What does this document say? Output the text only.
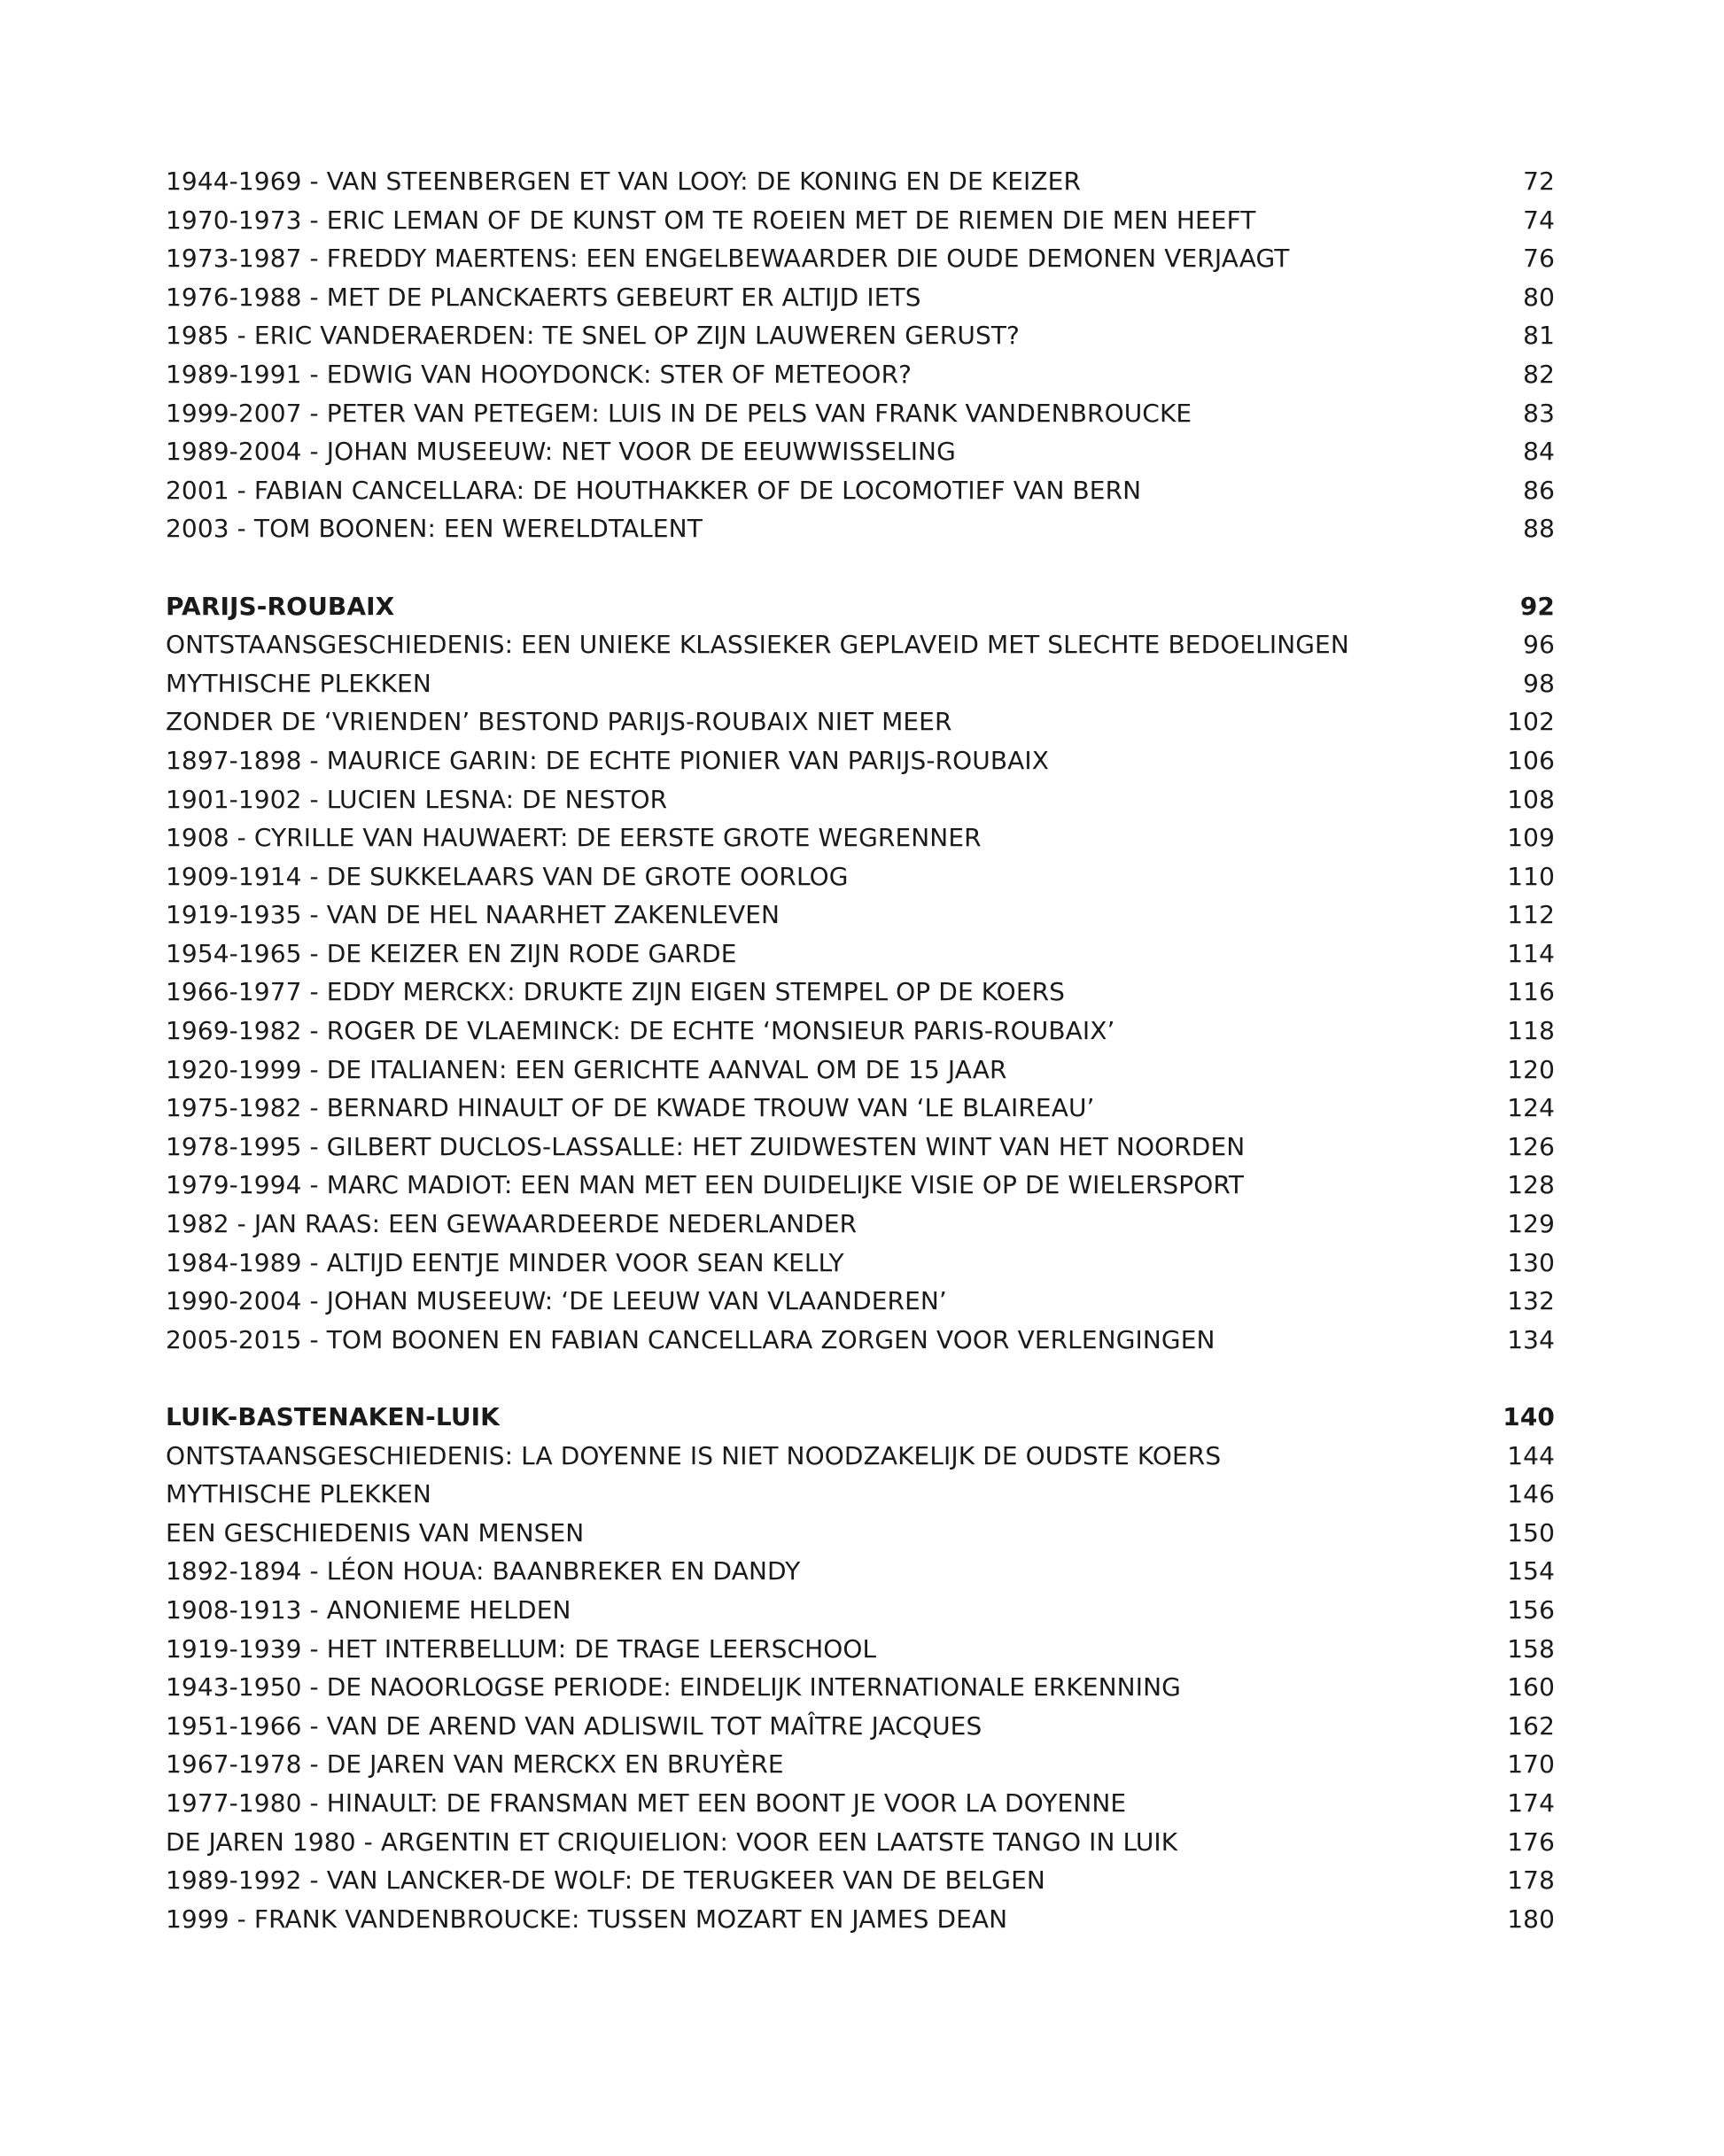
1944-1969 - VAN STEENBERGEN ET VAN LOOY: DE KONING EN DE KEIZER	72
1970-1973 - ERIC LEMAN OF DE KUNST OM TE ROEIEN MET DE RIEMEN DIE MEN HEEFT	74
1973-1987 - FREDDY MAERTENS: EEN ENGELBEWAARDER DIE OUDE DEMONEN VERJAAGT	76
1976-1988 - MET DE PLANCKAERTS GEBEURT ER ALTIJD IETS	80
1985 - ERIC VANDERAERDEN: TE SNEL OP ZIJN LAUWEREN GERUST?	81
1989-1991 - EDWIG VAN HOOYDONCK: STER OF METEOOR?	82
1999-2007 - PETER VAN PETEGEM: LUIS IN DE PELS VAN FRANK VANDENBROUCKE	83
1989-2004 - JOHAN MUSEEUW: NET VOOR DE EEUWWISSELING	84
2001 - FABIAN CANCELLARA: DE HOUTHAKKER OF DE LOCOMOTIEF VAN BERN	86
2003 - TOM BOONEN: EEN WERELDTALENT	88
PARIJS-ROUBAIX	92
ONTSTAANSGESCHIEDENIS: EEN UNIEKE KLASSIEKER GEPLAVEID MET SLECHTE BEDOELINGEN	96
MYTHISCHE PLEKKEN	98
ZONDER DE ‘VRIENDEN’ BESTOND PARIJS-ROUBAIX NIET MEER	102
1897-1898 - MAURICE GARIN: DE ECHTE PIONIER VAN PARIJS-ROUBAIX	106
1901-1902 - LUCIEN LESNA: DE NESTOR	108
1908 - CYRILLE VAN HAUWAERT: DE EERSTE GROTE WEGRENNER	109
1909-1914 - DE SUKKELAARS VAN DE GROTE OORLOG	110
1919-1935 - VAN DE HEL NAARHET ZAKENLEVEN	112
1954-1965 - DE KEIZER EN ZIJN RODE GARDE	114
1966-1977 - EDDY MERCKX: DRUKTE ZIJN EIGEN STEMPEL OP DE KOERS	116
1969-1982 - ROGER DE VLAEMINCK: DE ECHTE ‘MONSIEUR PARIS-ROUBAIX’	118
1920-1999 - DE ITALIANEN: EEN GERICHTE AANVAL OM DE 15 JAAR	120
1975-1982 - BERNARD HINAULT OF DE KWADE TROUW VAN ‘LE BLAIREAU’	124
1978-1995 - GILBERT DUCLOS-LASSALLE: HET ZUIDWESTEN WINT VAN HET NOORDEN	126
1979-1994 - MARC MADIOT: EEN MAN MET EEN DUIDELIJKE VISIE OP DE WIELERSPORT	128
1982 - JAN RAAS: EEN GEWAARDEERDE NEDERLANDER	129
1984-1989 - ALTIJD EENTJE MINDER VOOR SEAN KELLY	130
1990-2004 - JOHAN MUSEEUW: ‘DE LEEUW VAN VLAANDEREN’	132
2005-2015 - TOM BOONEN EN FABIAN CANCELLARA ZORGEN VOOR VERLENGINGEN	134
LUIK-BASTENAKEN-LUIK	140
ONTSTAANSGESCHIEDENIS: LA DOYENNE IS NIET NOODZAKELIJK DE OUDSTE KOERS	144
MYTHISCHE PLEKKEN	146
EEN GESCHIEDENIS VAN MENSEN	150
1892-1894 - LÉON HOUA: BAANBREKER EN DANDY	154
1908-1913 - ANONIEME HELDEN	156
1919-1939 - HET INTERBELLUM: DE TRAGE LEERSCHOOL	158
1943-1950 - DE NAOORLOGSE PERIODE: EINDELIJK INTERNATIONALE ERKENNING	160
1951-1966 - VAN DE AREND VAN ADLISWIL TOT MAÎTRE JACQUES	162
1967-1978 - DE JAREN VAN MERCKX EN BRUYÈRE	170
1977-1980 - HINAULT: DE FRANSMAN MET EEN BOONT JE VOOR LA DOYENNE	174
DE JAREN 1980 - ARGENTIN ET CRIQUIELION: VOOR EEN LAATSTE TANGO IN LUIK	176
1989-1992 - VAN LANCKER-DE WOLF: DE TERUGKEER VAN DE BELGEN	178
1999 - FRANK VANDENBROUCKE: TUSSEN MOZART EN JAMES DEAN	180
